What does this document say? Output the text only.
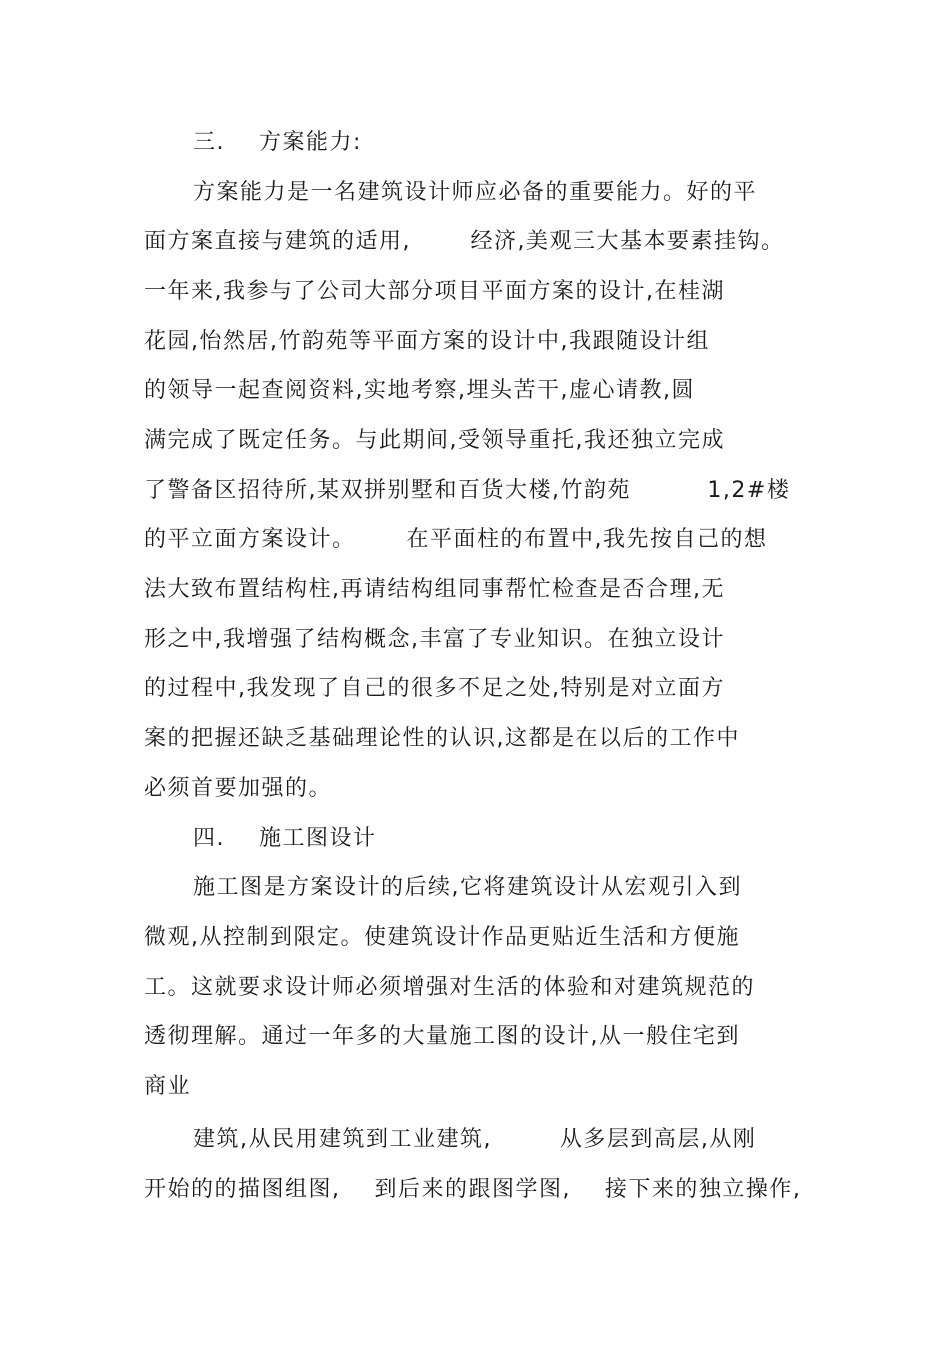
三.    方案能力:
方案能力是一名建筑设计师应必备的重要能力。好的平
面方案直接与建筑的适用,       经济,美观三大基本要素挂钩。
一年来,我参与了公司大部分项目平面方案的设计,在桂湖
花园,怡然居,竹韵苑等平面方案的设计中,我跟随设计组
的领导一起查阅资料,实地考察,埋头苦干,虚心请教,圆
满完成了既定任务。与此期间,受领导重托,我还独立完成
了警备区招待所,某双拼别墅和百货大楼,竹韵苑         1,2#楼
的平立面方案设计。      在平面柱的布置中,我先按自己的想
法大致布置结构柱,再请结构组同事帮忙检查是否合理,无
形之中,我增强了结构概念,丰富了专业知识。在独立设计
的过程中,我发现了自己的很多不足之处,特别是对立面方
案的把握还缺乏基础理论性的认识,这都是在以后的工作中
必须首要加强的。
四.    施工图设计
施工图是方案设计的后续,它将建筑设计从宏观引入到
微观,从控制到限定。使建筑设计作品更贴近生活和方便施
工。这就要求设计师必须增强对生活的体验和对建筑规范的
透彻理解。通过一年多的大量施工图的设计,从一般住宅到
商业
建筑,从民用建筑到工业建筑,        从多层到高层,从刚
开始的的描图组图,    到后来的跟图学图,    接下来的独立操作,
